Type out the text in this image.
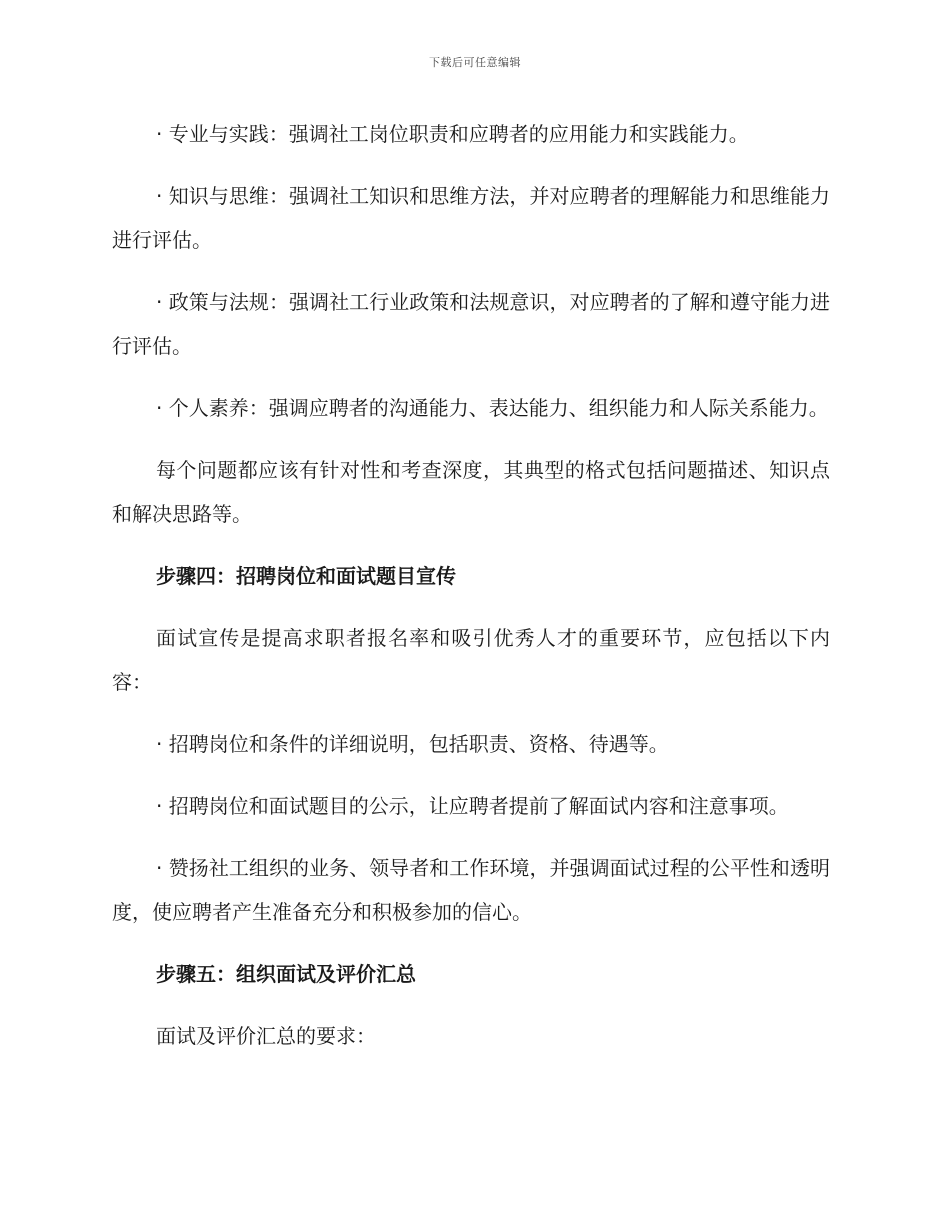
下载后可任意编辑

· 专业与实践：强调社工岗位职责和应聘者的应用能力和实践能力。

· 知识与思维：强调社工知识和思维方法，并对应聘者的理解能力和思维能力进行评估。

· 政策与法规：强调社工行业政策和法规意识，对应聘者的了解和遵守能力进行评估。

· 个人素养：强调应聘者的沟通能力、表达能力、组织能力和人际关系能力。

每个问题都应该有针对性和考查深度，其典型的格式包括问题描述、知识点和解决思路等。

步骤四：招聘岗位和面试题目宣传

面试宣传是提高求职者报名率和吸引优秀人才的重要环节，应包括以下内容：

· 招聘岗位和条件的详细说明，包括职责、资格、待遇等。

· 招聘岗位和面试题目的公示，让应聘者提前了解面试内容和注意事项。

· 赞扬社工组织的业务、领导者和工作环境，并强调面试过程的公平性和透明度，使应聘者产生准备充分和积极参加的信心。

步骤五：组织面试及评价汇总

面试及评价汇总的要求：
